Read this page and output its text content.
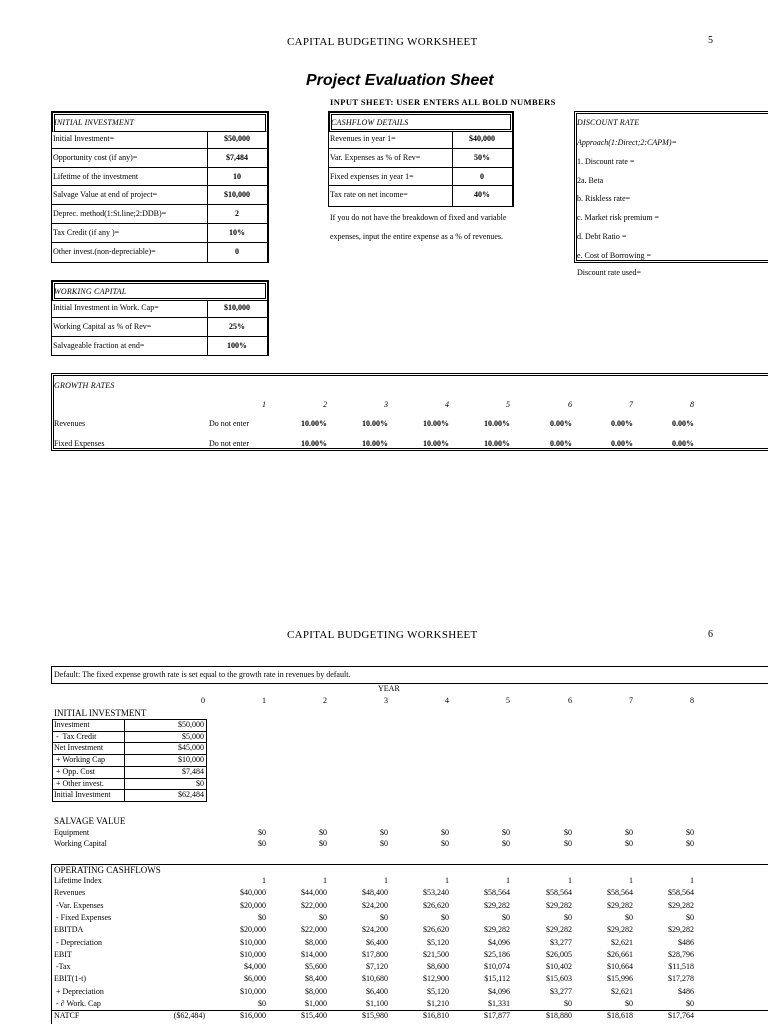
CAPITAL BUDGETING WORKSHEET	5
Project Evaluation Sheet
INPUT SHEET: USER ENTERS ALL BOLD NUMBERS
INITIAL INVESTMENT
Initial Investment=	$50,000
Opportunity cost (if any)=	$7,484
Lifetime of the investment	10
Salvage Value at end of project=	$10,000
Deprec. method(1:St.line;2:DDB)=	2
Tax Credit (if any )=	10%
Other invest.(non-depreciable)=	0
CASHFLOW DETAILS
Revenues in year 1=	$40,000
Var. Expenses as % of Rev=	50%
Fixed expenses in year 1=	0
Tax rate on net income=	40%
If you do not have the breakdown of fixed and variable
expenses, input the entire expense as a % of revenues.
DISCOUNT RATE
Approach(1:Direct;2:CAPM)=
1. Discount rate =
2a. Beta
b. Riskless rate=
c. Market risk premium =
d. Debt Ratio =
e. Cost of Borrowing =
Discount rate used=
WORKING CAPITAL
Initial Investment in Work. Cap=	$10,000
Working Capital as % of Rev=	25%
Salvageable fraction at end=	100%
GROWTH RATES
1	2	3	4	5	6	7	8
Revenues	Do not enter	10.00%	10.00%	10.00%	10.00%	0.00%	0.00%	0.00%
Fixed Expenses	Do not enter	10.00%	10.00%	10.00%	10.00%	0.00%	0.00%	0.00%
CAPITAL BUDGETING WORKSHEET	6
Default: The fixed expense growth rate is set equal to the growth rate in revenues by default.
YEAR
0	1	2	3	4	5	6	7	8
INITIAL INVESTMENT
Investment	$50,000
-  Tax Credit	$5,000
Net Investment	$45,000
+ Working Cap	$10,000
+ Opp. Cost	$7,484
+ Other invest.	$0
Initial Investment	$62,484
SALVAGE VALUE
Equipment	$0	$0	$0	$0	$0	$0	$0	$0
Working Capital	$0	$0	$0	$0	$0	$0	$0	$0
OPERATING CASHFLOWS
Lifetime Index	1	1	1	1	1	1	1	1
Revenues	$40,000	$44,000	$48,400	$53,240	$58,564	$58,564	$58,564	$58,564
-Var. Expenses	$20,000	$22,000	$24,200	$26,620	$29,282	$29,282	$29,282	$29,282
- Fixed Expenses	$0	$0	$0	$0	$0	$0	$0	$0
EBITDA	$20,000	$22,000	$24,200	$26,620	$29,282	$29,282	$29,282	$29,282
- Depreciation	$10,000	$8,000	$6,400	$5,120	$4,096	$3,277	$2,621	$486
EBIT	$10,000	$14,000	$17,800	$21,500	$25,186	$26,005	$26,661	$28,796
-Tax	$4,000	$5,600	$7,120	$8,600	$10,074	$10,402	$10,664	$11,518
EBIT(1-t)	$6,000	$8,400	$10,680	$12,900	$15,112	$15,603	$15,996	$17,278
+ Depreciation	$10,000	$8,000	$6,400	$5,120	$4,096	$3,277	$2,621	$486
- ∂ Work. Cap	$0	$1,000	$1,100	$1,210	$1,331	$0	$0	$0
NATCF	($62,484)	$16,000	$15,400	$15,980	$16,810	$17,877	$18,880	$18,618	$17,764
